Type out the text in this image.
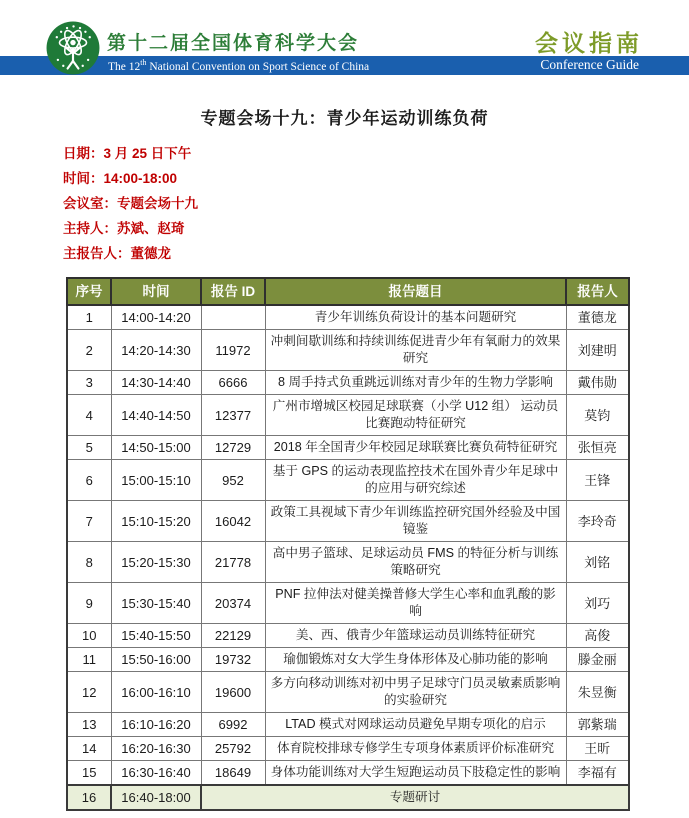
第十二届全国体育科学大会
The 12th National Convention on Sport Science of China
会议指南
Conference Guide
专题会场十九：青少年运动训练负荷
日期：3 月 25 日下午
时间：14:00-18:00
会议室：专题会场十九
主持人：苏斌、赵琦
主报告人：董德龙
序号	时间	报告 ID	报告题目	报告人
1	14:00-14:20		青少年训练负荷设计的基本问题研究	董德龙
2	14:20-14:30	11972	冲刺间歇训练和持续训练促进青少年有氧耐力的效果研究	刘建明
3	14:30-14:40	6666	8 周手持式负重跳远训练对青少年的生物力学影响	戴伟勋
4	14:40-14:50	12377	广州市增城区校园足球联赛（小学 U12 组） 运动员比赛跑动特征研究	莫钧
5	14:50-15:00	12729	2018 年全国青少年校园足球联赛比赛负荷特征研究	张恒亮
6	15:00-15:10	952	基于 GPS 的运动表现监控技术在国外青少年足球中的应用与研究综述	王锋
7	15:10-15:20	16042	政策工具视域下青少年训练监控研究国外经验及中国镜鉴	李玲奇
8	15:20-15:30	21778	高中男子篮球、足球运动员 FMS 的特征分析与训练策略研究	刘铭
9	15:30-15:40	20374	PNF 拉伸法对健美操普修大学生心率和血乳酸的影响	刘巧
10	15:40-15:50	22129	美、西、俄青少年篮球运动员训练特征研究	高俊
11	15:50-16:00	19732	瑜伽锻炼对女大学生身体形体及心肺功能的影响	滕金丽
12	16:00-16:10	19600	多方向移动训练对初中男子足球守门员灵敏素质影响的实验研究	朱昱衡
13	16:10-16:20	6992	LTAD 模式对网球运动员避免早期专项化的启示	郭紫瑞
14	16:20-16:30	25792	体育院校排球专修学生专项身体素质评价标准研究	王昕
15	16:30-16:40	18649	身体功能训练对大学生短跑运动员下肢稳定性的影响	李福有
16	16:40-18:00	专题研讨		
